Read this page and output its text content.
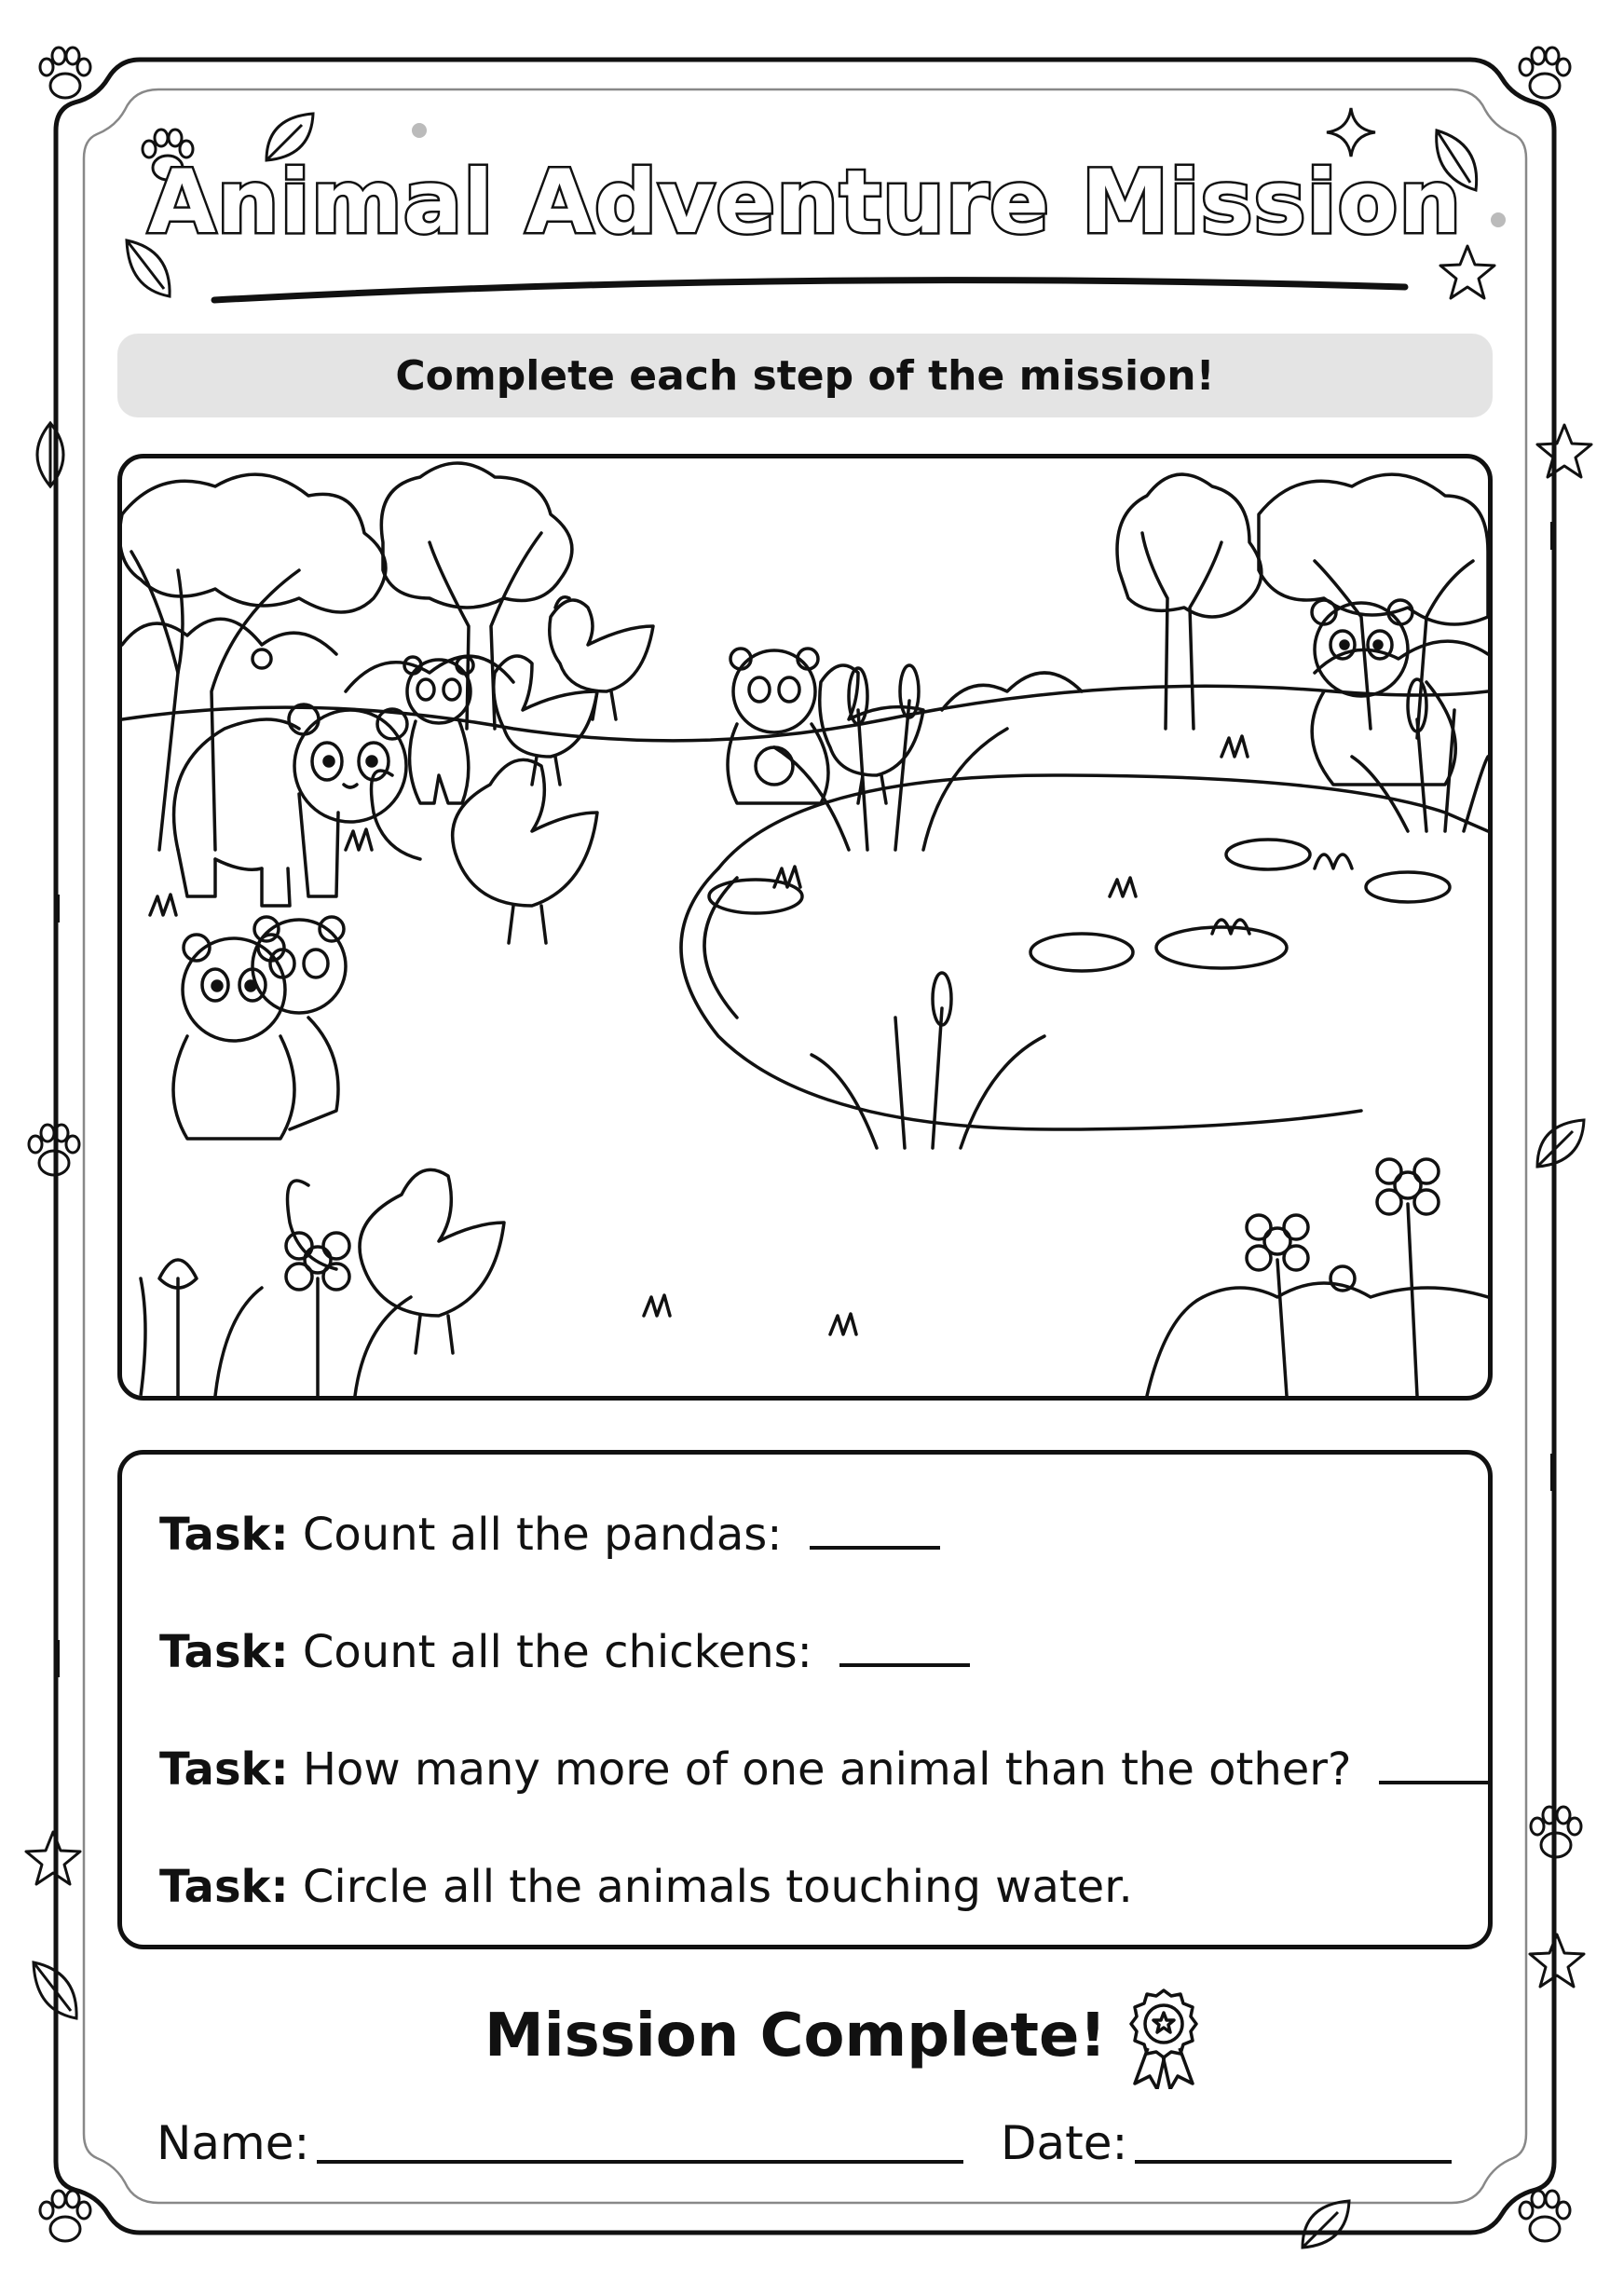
Animal Adventure Mission
Complete each step of the mission!
Task: Count all the pandas:
Task: Count all the chickens:
Task: How many more of one animal than the other?
Task: Circle all the animals touching water.
Mission Complete!
Name:	Date:
